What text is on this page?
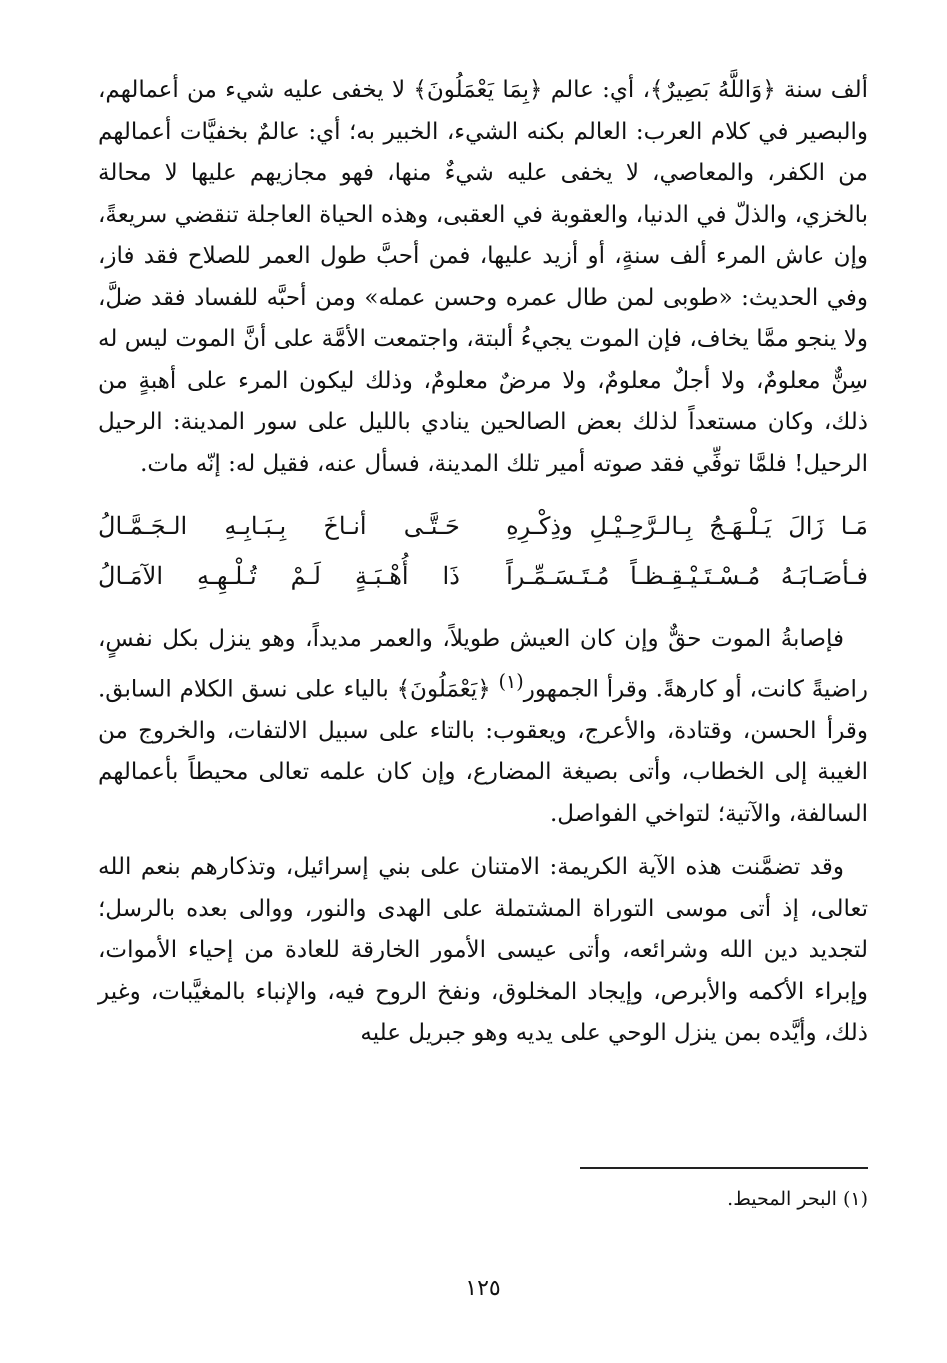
ألف سنة ﴿وَاللَّهُ بَصِيرٌ﴾، أي: عالم ﴿بِمَا يَعْمَلُونَ﴾ لا يخفى عليه شيء من أعمالهم، والبصير في كلام العرب: العالم بكنه الشيء، الخبير به؛ أي: عالمٌ بخفيَّات أعمالهم من الكفر، والمعاصي، لا يخفى عليه شيءٌ منها، فهو مجازيهم عليها لا محالة بالخزي، والذلّ في الدنيا، والعقوبة في العقبى، وهذه الحياة العاجلة تنقضي سريعةً، وإن عاش المرء ألف سنةٍ، أو أزيد عليها، فمن أحبَّ طول العمر للصلاح فقد فاز، وفي الحديث: «طوبى لمن طال عمره وحسن عمله» ومن أحبَّه للفساد فقد ضلَّ، ولا ينجو ممَّا يخاف، فإن الموت يجيءُ ألبتة، واجتمعت الأمَّة على أنَّ الموت ليس له سِنٌّ معلومٌ، ولا أجلٌ معلومٌ، ولا مرضٌ معلومٌ، وذلك ليكون المرء على أهبةٍ من ذلك، وكان مستعداً لذلك بعض الصالحين ينادي بالليل على سور المدينة: الرحيل الرحيل! فلمَّا توفِّي فقد صوته أمير تلك المدينة، فسأل عنه، فقيل له: إنّه مات.

مَـا زَالَ يَـلْـهَـجُ بِـالـرَّحِـيْـلِ وذِكْـرِهِ
حَـتَّـى أنـاخَ بِـبَـابِـهِ الـجَـمَّـالُ
فـأصَـابَـهُ مُـسْـتَـيْـقِـظـاً مُـتَـسَـمِّـراً
ذَا أُهْـبَـةٍ لَـمْ تُـلْـهِـهِ الآمَـالُ

فإصابةُ الموت حقٌّ وإن كان العيش طويلاً، والعمر مديداً، وهو ينزل بكل نفسٍ، راضيةً كانت، أو كارهةً. وقرأ الجمهور$^{(١)}$ ﴿يَعْمَلُونَ﴾ بالياء على نسق الكلام السابق. وقرأ الحسن، وقتادة، والأعرج، ويعقوب: بالتاء على سبيل الالتفات، والخروج من الغيبة إلى الخطاب، وأتى بصيغة المضارع، وإن كان علمه تعالى محيطاً بأعمالهم السالفة، والآتية؛ لتواخي الفواصل.

وقد تضمَّنت هذه الآية الكريمة: الامتنان على بني إسرائيل، وتذكارهم بنعم الله تعالى، إذ أتى موسى التوراة المشتملة على الهدى والنور، ووالى بعده بالرسل؛ لتجديد دين الله وشرائعه، وأتى عيسى الأمور الخارقة للعادة من إحياء الأموات، وإبراء الأكمه والأبرص، وإيجاد المخلوق، ونفخ الروح فيه، والإنباء بالمغيَّبات، وغير ذلك، وأيَّده بمن ينزل الوحي على يديه وهو جبريل عليه

(١) البحر المحيط.
١٢٥
